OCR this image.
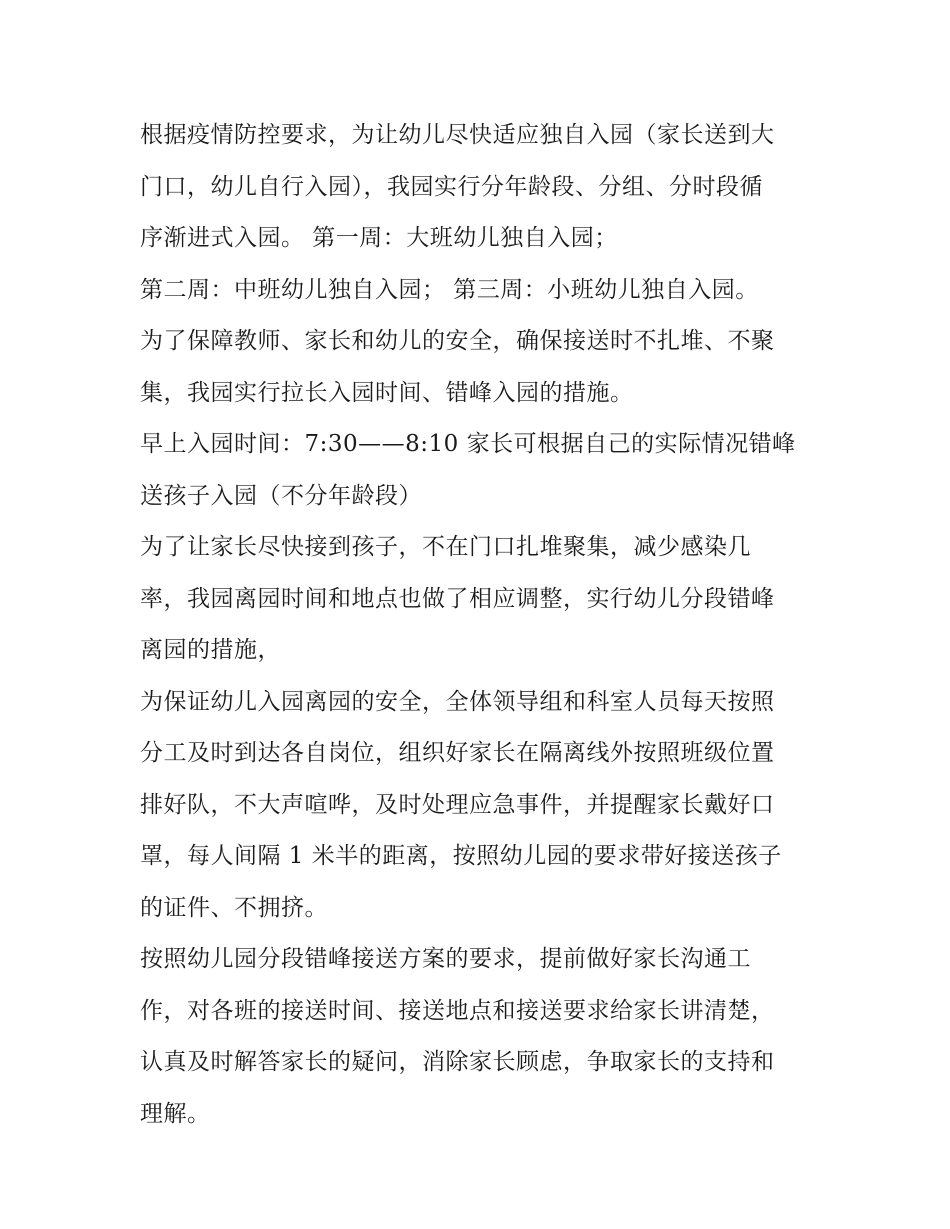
根据疫情防控要求，为让幼儿尽快适应独自入园（家长送到大
门口，幼儿自行入园），我园实行分年龄段、分组、分时段循
序渐进式入园。 第一周：大班幼儿独自入园；
第二周：中班幼儿独自入园； 第三周：小班幼儿独自入园。
为了保障教师、家长和幼儿的安全，确保接送时不扎堆、不聚
集，我园实行拉长入园时间、错峰入园的措施。
早上入园时间：7:30——8:10 家长可根据自己的实际情况错峰
送孩子入园（不分年龄段）
为了让家长尽快接到孩子，不在门口扎堆聚集，减少感染几
率，我园离园时间和地点也做了相应调整，实行幼儿分段错峰
离园的措施，
为保证幼儿入园离园的安全，全体领导组和科室人员每天按照
分工及时到达各自岗位，组织好家长在隔离线外按照班级位置
排好队，不大声喧哗，及时处理应急事件，并提醒家长戴好口
罩，每人间隔 1 米半的距离，按照幼儿园的要求带好接送孩子
的证件、不拥挤。
按照幼儿园分段错峰接送方案的要求，提前做好家长沟通工
作，对各班的接送时间、接送地点和接送要求给家长讲清楚，
认真及时解答家长的疑问，消除家长顾虑，争取家长的支持和
理解。
